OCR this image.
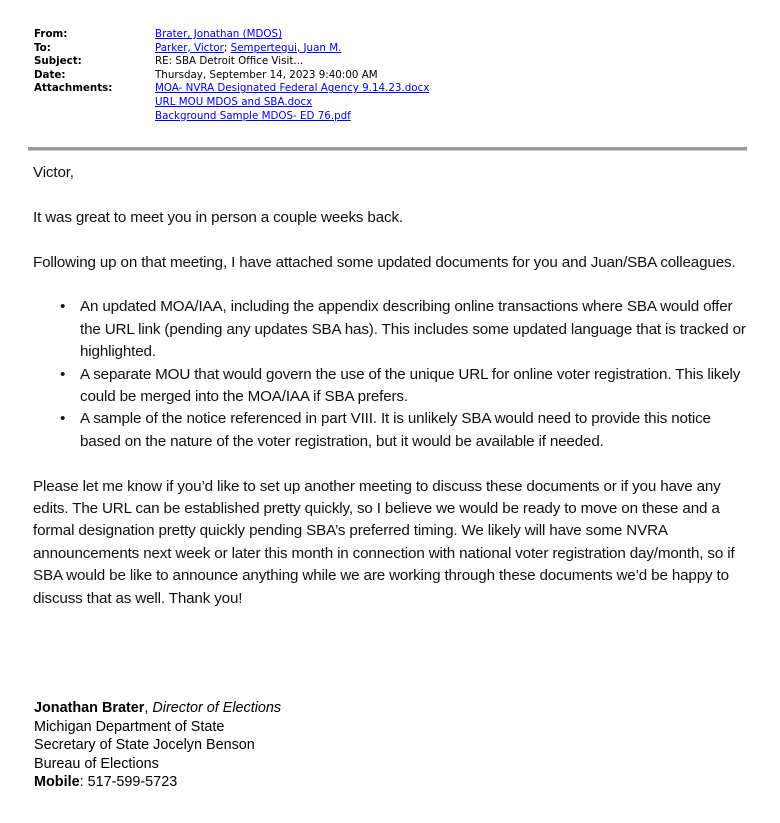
From:	Brater, Jonathan (MDOS)
To:	Parker, Victor; Sempertegui, Juan M.
Subject:	RE: SBA Detroit Office Visit...
Date:	Thursday, September 14, 2023 9:40:00 AM
Attachments:	MOA- NVRA Designated Federal Agency 9.14.23.docx
URL MOU MDOS and SBA.docx
Background Sample MDOS- ED 76.pdf

Victor,

It was great to meet you in person a couple weeks back.

Following up on that meeting, I have attached some updated documents for you and Juan/SBA colleagues.

• An updated MOA/IAA, including the appendix describing online transactions where SBA would offer the URL link (pending any updates SBA has). This includes some updated language that is tracked or highlighted.
• A separate MOU that would govern the use of the unique URL for online voter registration. This likely could be merged into the MOA/IAA if SBA prefers.
• A sample of the notice referenced in part VIII. It is unlikely SBA would need to provide this notice based on the nature of the voter registration, but it would be available if needed.

Please let me know if you’d like to set up another meeting to discuss these documents or if you have any edits. The URL can be established pretty quickly, so I believe we would be ready to move on these and a formal designation pretty quickly pending SBA’s preferred timing. We likely will have some NVRA announcements next week or later this month in connection with national voter registration day/month, so if SBA would be like to announce anything while we are working through these documents we’d be happy to discuss that as well. Thank you!

Jonathan Brater, Director of Elections
Michigan Department of State
Secretary of State Jocelyn Benson
Bureau of Elections
Mobile: 517-599-5723
